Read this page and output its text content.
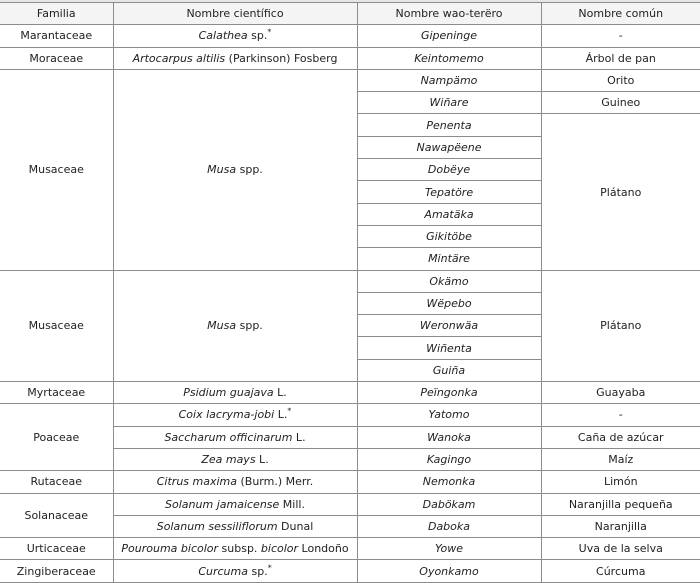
Familia	Nombre científico	Nombre wao-terëro	Nombre común
Marantaceae	Calathea sp.*	Gipeninge	-
Moraceae	Artocarpus altilis (Parkinson) Fosberg	Keintomemo	Árbol de pan
Musaceae	Musa spp.	Nampämo	Orito
		Wiñare	Guineo
		Penenta	Plátano
		Nawapëene	
		Dobëye	
		Tepatöre	
		Amatäka	
		Gikitöbe	
		Mintäre	
Musaceae	Musa spp.	Okämo	Plátano
		Wëpebo	
		Weronwäa	
		Wiñenta	
		Guiña	
Myrtaceae	Psidium guajava L.	Peïngonka	Guayaba
Poaceae	Coix lacryma-jobi L.*	Yatomo	-
	Saccharum officinarum L.	Wanoka	Caña de azúcar
	Zea mays L.	Kagingo	Maíz
Rutaceae	Citrus maxima (Burm.) Merr.	Nemonka	Limón
Solanaceae	Solanum jamaicense Mill.	Dabökam	Naranjilla pequeña
	Solanum sessiliflorum Dunal	Daboka	Naranjilla
Urticaceae	Pourouma bicolor subsp. bicolor Londoño	Yowe	Uva de la selva
Zingiberaceae	Curcuma sp.*	Oyonkamo	Cúrcuma
